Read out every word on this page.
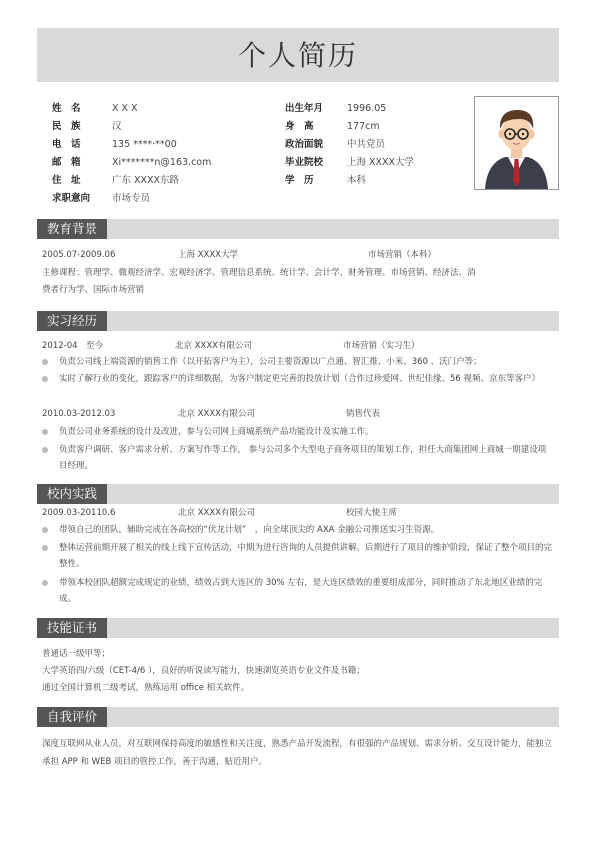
个人简历
姓　名	X X X
民　族	汉
电　话	135 ****·**00
邮　箱	Xi*******n@163.com
住　址	广东 XXXX东路
求职意向 市场专员
出生年月	1996.05
身　高	177cm
政治面貌	中共党员
毕业院校	上海 XXXX大学
学　历	本科
教育背景
2005.07-2009.06	上海 XXXX大学	市场营销（本科）
主修课程：管理学、微观经济学、宏观经济学、管理信息系统、统计学、会计学、财务管理、市场营销、经济法、消
费者行为学、国际市场营销
实习经历
2012-04　至今	北京 XXXX有限公司	市场营销（实习生）
负责公司线上端资源的销售工作（以开拓客户为主），公司主要资源以广点通、智汇推、小米、360 、沃门户等；
实时了解行业的变化，跟踪客户的详细数据，为客户制定更完善的投放计划（合作过珍爱网、世纪佳缘、56 视频、京东等客户）
2010.03-2012.03	北京 XXXX有限公司	销售代表
负责公司业务系统的设计及改进，参与公司网上商城系统产品功能设计及实施工作。
负责客户调研、客户需求分析、方案写作等工作， 参与公司多个大型电子商务项目的策划工作，担任大商集团网上商城一期建设项目经理。
校内实践
2009.03-20110.6	北京 XXXX有限公司	校园大使主席
带领自己的团队，辅助完成在各高校的“伏龙计划”　，向全球顶尖的 AXA 金融公司推送实习生资源。
整体运营前期开展了相关的线上线下宣传活动，中期为进行咨询的人员提供讲解。后期进行了项目的维护阶段，保证了整个项目的完整性。
带领本校团队超额完成规定的业绩，绩效占到大连区的 30% 左右，是大连区绩效的重要组成部分，同时推动了东北地区业绩的完成。
技能证书
普通话一级甲等；
大学英语四/六级（CET-4/6 ），良好的听说读写能力，快速浏览英语专业文件及书籍；
通过全国计算机二级考试，熟练运用 office 相关软件。
自我评价
深度互联网从业人员，对互联网保持高度的敏感性和关注度，熟悉产品开发流程，有很强的产品规划、需求分析、交互设计能力，能独立承担 APP 和 WEB 项目的管控工作，善于沟通，贴近用户。
